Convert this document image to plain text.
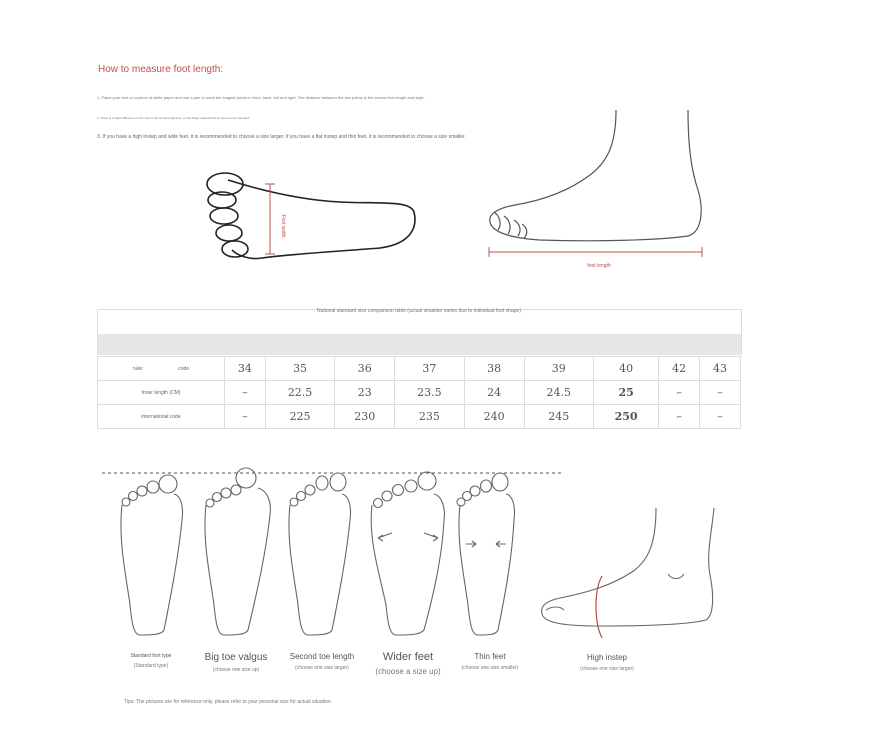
How to measure foot length:
1. Place your foot on a piece of white paper and use a pen to mark the longest points in front, back, left and right. The distance between the two points is the correct foot length and style.
2. There is a slight difference in the size of the left and right feet, so the larger data should be used as the standard.
3. If you have a high instep and wide feet, it is recommended to choose a size larger; if you have a flat instep and thin feet, it is recommended to choose a size smaller.
Foot width
foot length
National standard size comparison table (actual situation varies due to individual foot shape)
ruler code	34	35	36	37	38	39	40	42	43
Inner length (CM)	–	22.5	23	23.5	24	24.5	25	–	–
international code	–	225	230	235	240	245	250	–	–
Standard foot type
(Standard type)
Big toe valgus
(choose one size up)
Second toe length
(choose one size larger)
Wider feet
(choose a size up)
Thin feet
(choose one size smaller)
High instep
(choose one size larger)
Tips: The pictures are for reference only, please refer to your personal size for actual situation.
